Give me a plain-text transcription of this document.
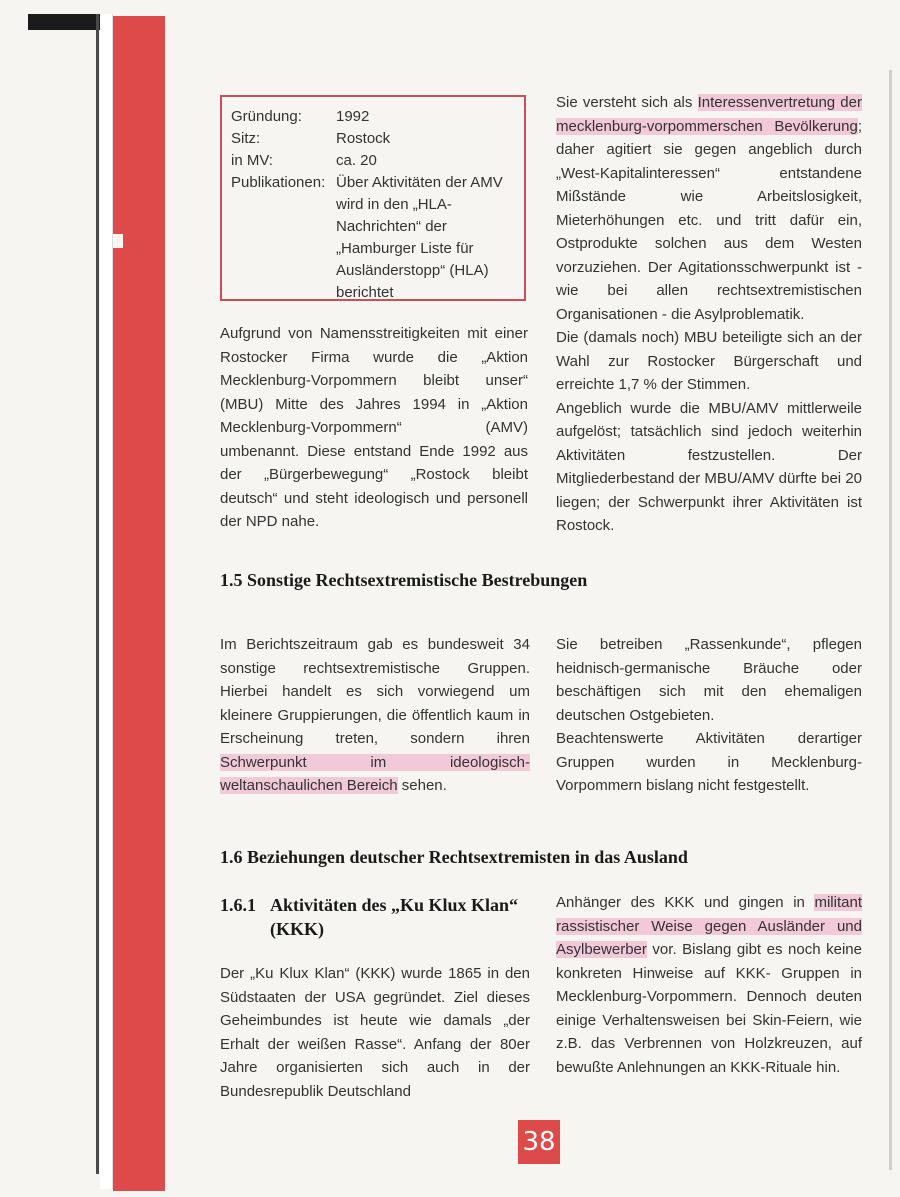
Gründung:	1992
Sitz:	Rostock
in MV:	ca. 20
Publikationen: Über Aktivitäten der AMV wird in den „HLA-Nachrichten“ der „Hamburger Liste für Ausländerstopp“ (HLA) berichtet

Aufgrund von Namensstreitigkeiten mit einer Rostocker Firma wurde die „Aktion Mecklenburg-Vorpommern bleibt unser“ (MBU) Mitte des Jahres 1994 in „Aktion Mecklenburg-Vorpommern“ (AMV) umbenannt. Diese entstand Ende 1992 aus der „Bürgerbewegung“ „Rostock bleibt deutsch“ und steht ideologisch und personell der NPD nahe.

Sie versteht sich als Interessenvertretung der mecklenburg-vorpommerschen Bevölkerung; daher agitiert sie gegen angeblich durch „West-Kapitalinteressen“ entstandene Mißstände wie Arbeitslosigkeit, Mieterhöhungen etc. und tritt dafür ein, Ostprodukte solchen aus dem Westen vorzuziehen. Der Agitationsschwerpunkt ist - wie bei allen rechtsextremistischen Organisationen - die Asylproblematik.

Die (damals noch) MBU beteiligte sich an der Wahl zur Rostocker Bürgerschaft und erreichte 1,7 % der Stimmen.

Angeblich wurde die MBU/AMV mittlerweile aufgelöst; tatsächlich sind jedoch weiterhin Aktivitäten festzustellen. Der Mitgliederbestand der MBU/AMV dürfte bei 20 liegen; der Schwerpunkt ihrer Aktivitäten ist Rostock.

1.5 Sonstige Rechtsextremistische Bestrebungen

Im Berichtszeitraum gab es bundesweit 34 sonstige rechtsextremistische Gruppen. Hierbei handelt es sich vorwiegend um kleinere Gruppierungen, die öffentlich kaum in Erscheinung treten, sondern ihren Schwerpunkt im ideologisch-weltanschaulichen Bereich sehen.

Sie betreiben „Rassenkunde“, pflegen heidnisch-germanische Bräuche oder beschäftigen sich mit den ehemaligen deutschen Ostgebieten.

Beachtenswerte Aktivitäten derartiger Gruppen wurden in Mecklenburg-Vorpommern bislang nicht festgestellt.

1.6 Beziehungen deutscher Rechtsextremisten in das Ausland
1.6.1 Aktivitäten des „Ku Klux Klan“ (KKK)

Der „Ku Klux Klan“ (KKK) wurde 1865 in den Südstaaten der USA gegründet. Ziel dieses Geheimbundes ist heute wie damals „der Erhalt der weißen Rasse“. Anfang der 80er Jahre organisierten sich auch in der Bundesrepublik Deutschland

Anhänger des KKK und gingen in militant rassistischer Weise gegen Ausländer und Asylbewerber vor. Bislang gibt es noch keine konkreten Hinweise auf KKK- Gruppen in Mecklenburg-Vorpommern. Dennoch deuten einige Verhaltensweisen bei Skin-Feiern, wie z.B. das Verbrennen von Holzkreuzen, auf bewußte Anlehnungen an KKK-Rituale hin.

38
